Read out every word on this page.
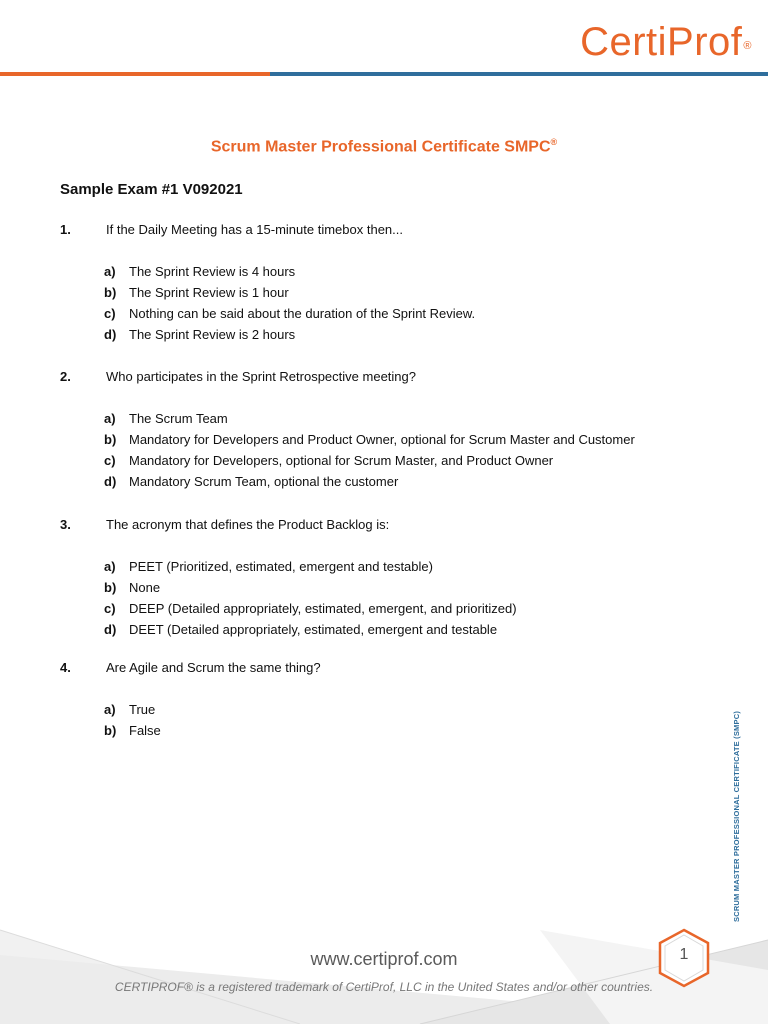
CertiProf®
Scrum Master Professional Certificate SMPC®
Sample Exam #1 V092021
1.	If the Daily Meeting has a 15-minute timebox then...
a) The Sprint Review is 4 hours
b) The Sprint Review is 1 hour
c) Nothing can be said about the duration of the Sprint Review.
d) The Sprint Review is 2 hours
2.	Who participates in the Sprint Retrospective meeting?
a) The Scrum Team
b) Mandatory for Developers and Product Owner, optional for Scrum Master and Customer
c) Mandatory for Developers, optional for Scrum Master, and Product Owner
d) Mandatory Scrum Team, optional the customer
3.	The acronym that defines the Product Backlog is:
a) PEET (Prioritized, estimated, emergent and testable)
b) None
c) DEEP (Detailed appropriately, estimated, emergent, and prioritized)
d) DEET (Detailed appropriately, estimated, emergent and testable
4.	Are Agile and Scrum the same thing?
a) True
b) False	SCRUM MASTER PROFESSIONAL CERTIFICATE (SMPC)
www.certiprof.com
CERTIPROF® is a registered trademark of CertiProf, LLC in the United States and/or other countries.
1
